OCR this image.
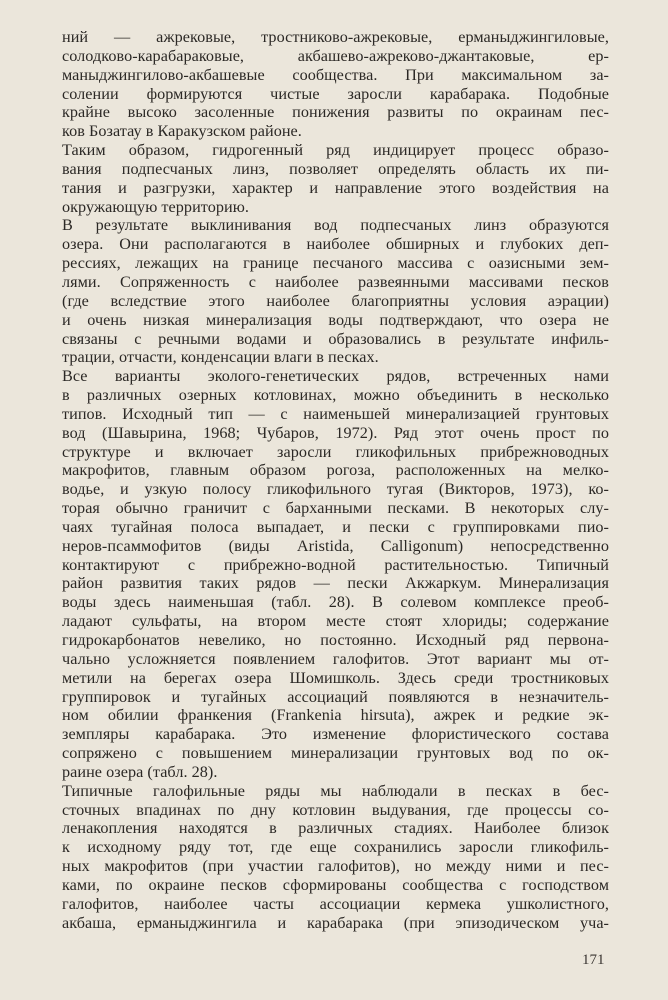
ний — ажрековые, тростниково-ажрековые, ерманыджингиловые,
солодково-карабараковые, акбашево-ажреково-джантаковые, ер-
маныджингилово-акбашевые сообщества. При максимальном за-
солении формируются чистые заросли карабарака. Подобные
крайне высоко засоленные понижения развиты по окраинам пес-
ков Бозатау в Каракузском районе.
Таким образом, гидрогенный ряд индицирует процесс образо-
вания подпесчаных линз, позволяет определять область их пи-
тания и разгрузки, характер и направление этого воздействия на
окружающую территорию.
В результате выклинивания вод подпесчаных линз образуются
озера. Они располагаются в наиболее обширных и глубоких деп-
рессиях, лежащих на границе песчаного массива с оазисными зем-
лями. Сопряженность с наиболее развеянными массивами песков
(где вследствие этого наиболее благоприятны условия аэрации)
и очень низкая минерализация воды подтверждают, что озера не
связаны с речными водами и образовались в результате инфиль-
трации, отчасти, конденсации влаги в песках.
Все варианты эколого-генетических рядов, встреченных нами
в различных озерных котловинах, можно объединить в несколько
типов. Исходный тип — с наименьшей минерализацией грунтовых
вод (Шавырина, 1968; Чубаров, 1972). Ряд этот очень прост по
структуре и включает заросли гликофильных прибрежноводных
макрофитов, главным образом рогоза, расположенных на мелко-
водье, и узкую полосу гликофильного тугая (Викторов, 1973), ко-
торая обычно граничит с барханными песками. В некоторых слу-
чаях тугайная полоса выпадает, и пески с группировками пио-
неров-псаммофитов (виды Aristida, Calligonum) непосредственно
контактируют с прибрежно-водной растительностью. Типичный
район развития таких рядов — пески Акжаркум. Минерализация
воды здесь наименьшая (табл. 28). В солевом комплексе преоб-
ладают сульфаты, на втором месте стоят хлориды; содержание
гидрокарбонатов невелико, но постоянно. Исходный ряд первона-
чально усложняется появлением галофитов. Этот вариант мы от-
метили на берегах озера Шомишколь. Здесь среди тростниковых
группировок и тугайных ассоциаций появляются в незначитель-
ном обилии франкения (Frankenia hirsuta), ажрек и редкие эк-
земпляры карабарака. Это изменение флористического состава
сопряжено с повышением минерализации грунтовых вод по ок-
раине озера (табл. 28).
Типичные галофильные ряды мы наблюдали в песках в бес-
сточных впадинах по дну котловин выдувания, где процессы со-
ленакопления находятся в различных стадиях. Наиболее близок
к исходному ряду тот, где еще сохранились заросли гликофиль-
ных макрофитов (при участии галофитов), но между ними и пес-
ками, по окраине песков сформированы сообщества с господством
галофитов, наиболее часты ассоциации кермека ушколистного,
акбаша, ерманыджингила и карабарака (при эпизодическом уча-
171
